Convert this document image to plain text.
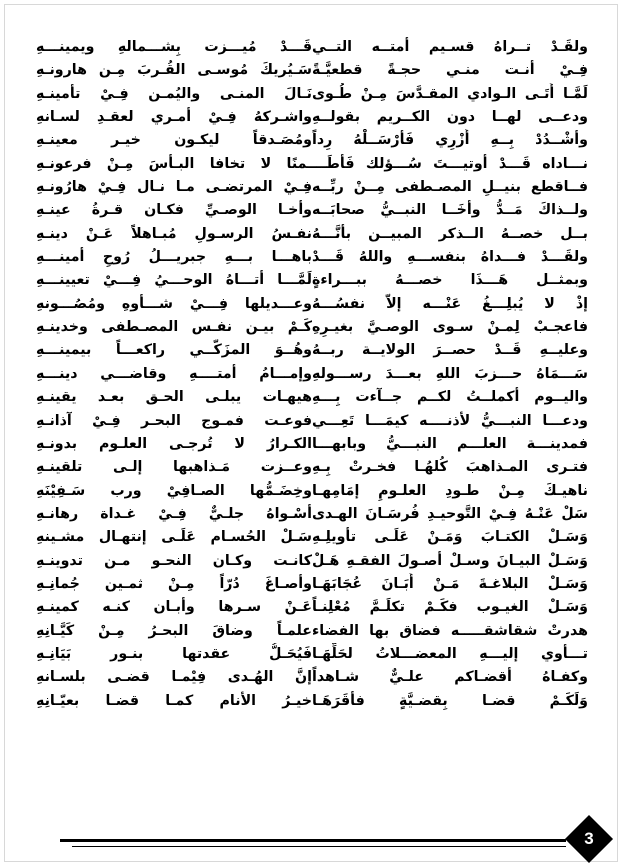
ولقَـدْ تــراهُ قسـيم أمتــه التــي
فِـيْ أنـت منـي حجـةً قطعيَّـةً
لَمَّـا أَتَـى الـوادي المقـدَّسَ مِـنْ طُـوى
ودعــى لهــا دون الكــريم بقولــهِ
وأشْــدُدْ بِــهِ أَزْرِي فَأرْسَــلْهُ رِداً
نـــاداه قَـــدْ أوتيـــتَ سُـــؤلك فَأطَـــ
فــاقطع بنيــلِ المصـطفى مِــنْ ربِّــه
ولــذاكَ مَــدُّ وأخَــا النبــيُّ صحابَــه
بــل خصــهُ الــذكر المبيــن بأنَّـــهُ
ولقَـــدْ فـــداهُ بنفســـهِ واللهُ قَـــدْ
وبمثــل هَـــذَا خصـــهُ ببـــراءةٍ
إذْ لا يُبلِـــغُ عَنْـــه إلاّ نفسُـــهُ
فاعجـبْ لِمـنْ سـوى الوصـيَّ بغيـرِهِ
وعليــهِ قَــدْ حصــرَ الولايــة ربــهُ
سَـــمَاهُ حـــزبَ اللهِ بعـــدَ رســـولهِ
واليــوم أكملــتُ لكــم جــآءت بِـــهِ
ودعـــا النبـــيُّ لأذنــــه كيمَـــا تَعِـــي
فمدينـــة العلـــم النبـــيُّ وبابهـــا
فتـرى المـذاهبَ كُلهُـا فخـرتْ بِـهِ
ناهيـكَ مِـنْ طـودِ العلـومِ إمَامِهـا
سَلْ عَنْـهُ فِـيْ التَّوحيـدِ فُرسَـانَ الهـدى
وَسَـلْ الكتـابَ وَمَـنْ عَلَـى تأويلِـهِ
وَسَـلْ البيـانَ وسـلْ أصـولَ الفقـهِ هَـلْ
وَسَـلْ البلاغـةَ مَـنْ أَبَـانَ عُجَابَهَـا
وَسَـلْ الغيـوب فكَـمْ تكلَـمَّ مُعْلِنـاً
هدرتْ شقاشقـــــه فضاق بها الفضاء
تـــأوي إليـــهِ المعضـــلاتُ لحَلِّهَـا
وكفـاهُ أقضـاكم علـيٌّ شـاهداً
وَلَكَـمْ قضـا بِقضـيَّةٍ فأقَرَهَـا
قَـــدْ مُيـــزت بِشـــمالهِ ويمينـــهِ
سَـيُريكَ مُوسـى القُـربَ مِـن هارونـهِ
نَـالَ المنـى واليُمـن فِـيْ تأمينـهِ
واشـركهُ فِـيْ أمـري لعقـدِ لسـانهِ
ومُصَـدقاً ليكـون خيـر معينـهِ
ـمنًا لا تخافا البـأسَ مِـنْ فرعونـهِ
فِـيْ المرتضـى مـا نـال فِـيْ هارُونـهِ
وأخـا الوصـيِّ فكـان قـرةُ عينـهِ
نفـسُ الرسـولِ مُبـاهلاً عَـنْ دينـهِ
باهـــا بـــهِ جبريـــلُ رُوحِ أمينـــهِ
لَمَّـــا أتـــاهُ الوحـــيُ فِـــيْ تعيينـــهِ
وعـــديلها فِـــيْ شـــأوهِ ومُصُـــونهِ
كَـمْ بيـن نفـس المصـطفى وخدينـهِ
وهُــوَ المزَكّــي راكعـــاً بيمينـــهِ
وإمـــامُ أمتــــهِ وقاضـــي دينـــهِ
هيهـات يبلـى الحـق بعـد يقينـهِ
فوعـت فمـوج البحـر فِـيْ آذانـهِ
الكـرارُ لا تُرجـى العلـوم بدونـهِ
وعــزت مَـذاهبها إلـى تلقينـهِ
وخِضَـمُّها الصـافِيْ ورب سَـفِيْنَهِ
أسْـواهُ جلـيٌّ فِـيْ غـداة رهانـهِ
سَـلْ الحُسـام عَلَـى إنتهـال مشـينهِ
كانـت وكـان النحـو مـن تدوينـهِ
وأصـاغَ دُرّاً مِـنْ ثمـين جُمانِـهِ
عَـنْ سـرها وأبـان كنـه كمينـهِ
علمـاً وضاقَ البحـرُ مِـنْ كَيَّـانِهِ
فَيُحَـلُّ عقدتها بنـور بَيَانِـهِ
إنَّ الهُـدى فِيْمـا قضـى بلسـانهِ
خيـرُ الأنام كمـا قضـا بعيّـانِهِ
3
